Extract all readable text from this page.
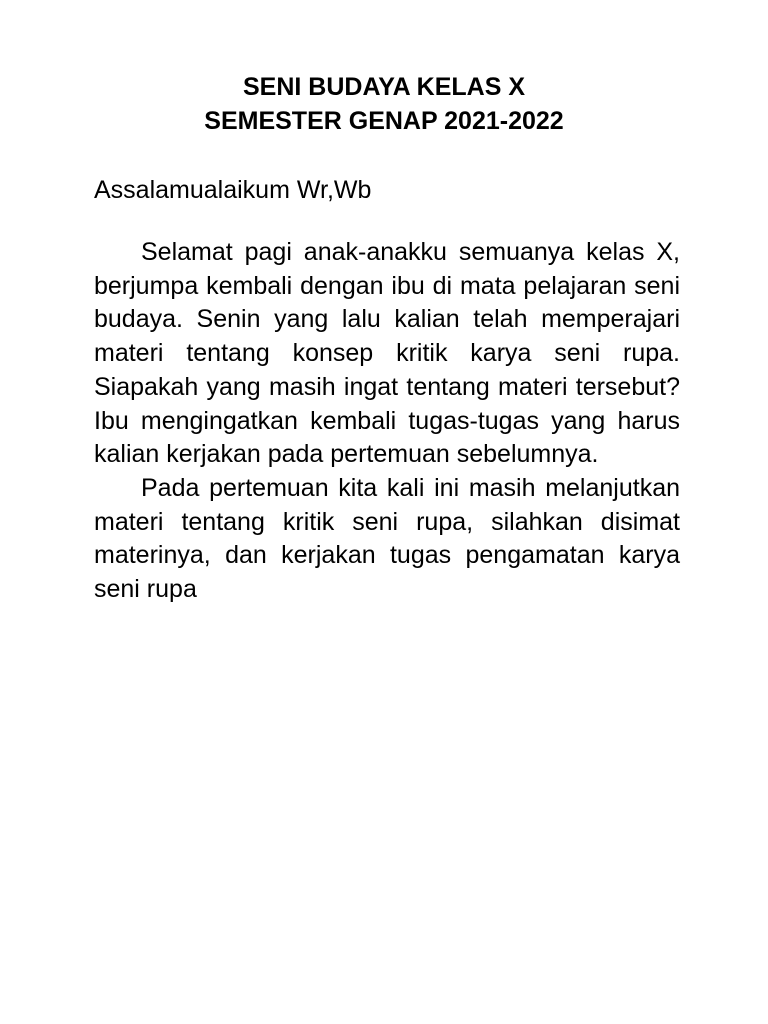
SENI BUDAYA KELAS X
SEMESTER GENAP 2021-2022
Assalamualaikum Wr,Wb

Selamat pagi anak-anakku semuanya kelas X, berjumpa kembali dengan ibu di mata pelajaran seni budaya. Senin yang lalu kalian telah memperajari materi tentang konsep kritik karya seni rupa. Siapakah yang masih ingat tentang materi tersebut? Ibu mengingatkan kembali tugas-tugas yang harus kalian kerjakan pada pertemuan sebelumnya.

Pada pertemuan kita kali ini masih melanjutkan materi tentang kritik seni rupa, silahkan disimat materinya, dan kerjakan tugas pengamatan karya seni rupa
